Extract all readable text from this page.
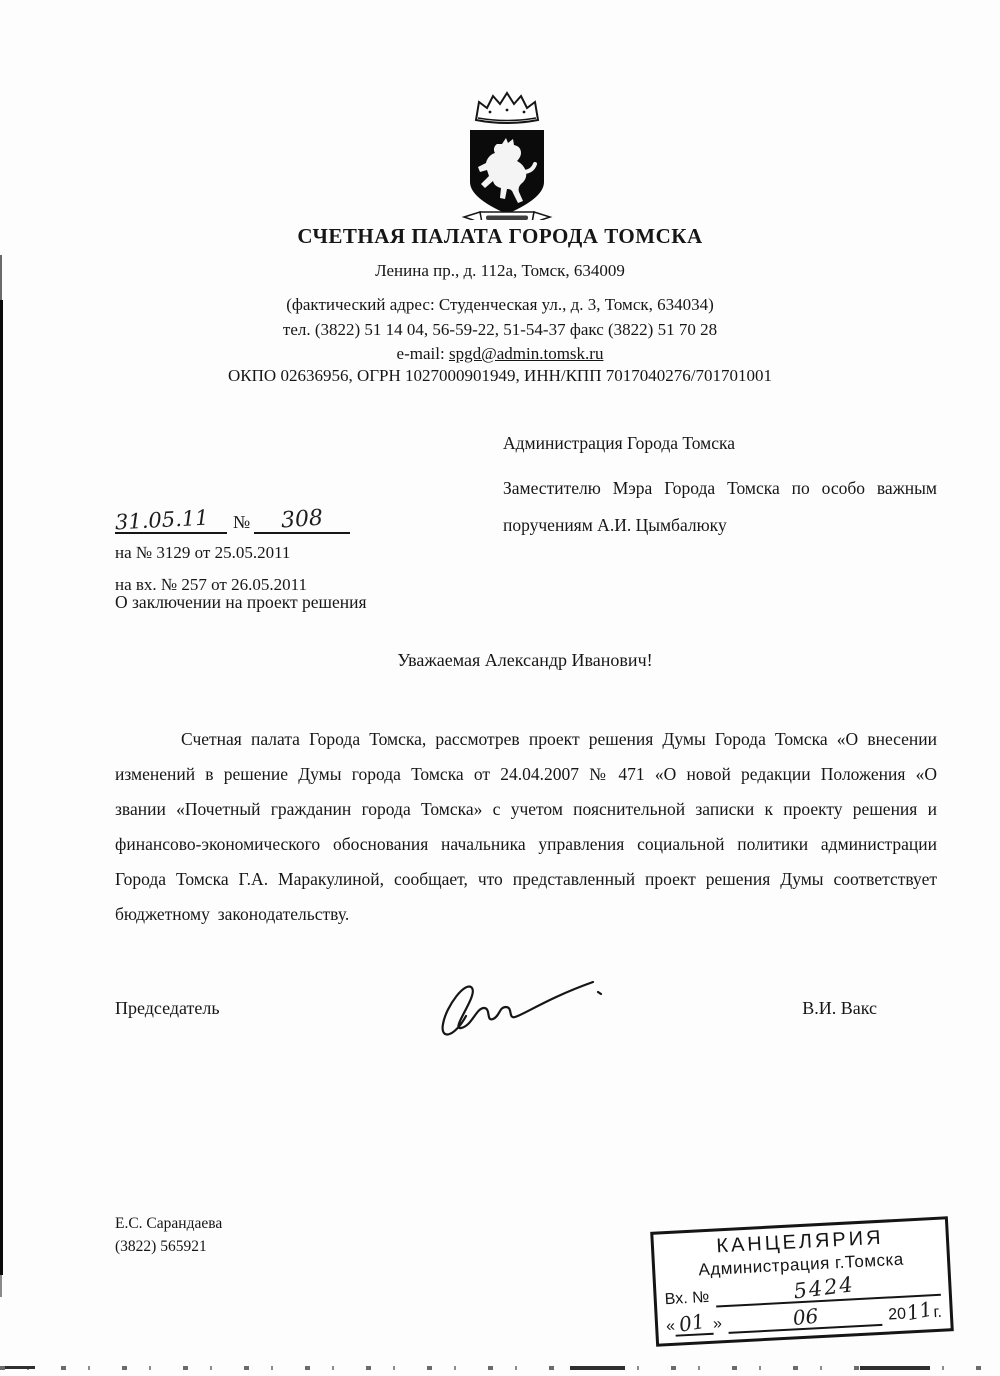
СЧЕТНАЯ ПАЛАТА ГОРОДА ТОМСКА
Ленина пр., д. 112а, Томск, 634009
(фактический адрес: Студенческая ул., д. 3, Томск, 634034)
тел. (3822) 51 14 04, 56-59-22, 51-54-37 факс (3822) 51 70 28
e-mail: spgd@admin.tomsk.ru
ОКПО 02636956, ОГРН 1027000901949, ИНН/КПП 7017040276/701701001
Администрация Города Томска
Заместителю Мэра Города Томска по особо важным поручениям А.И. Цымбалюку
31.05.11	№	308
на № 3129 от 25.05.2011
на вх. № 257 от 26.05.2011
О заключении на проект решения
Уважаемая Александр Иванович!
Счетная палата Города Томска, рассмотрев проект решения Думы Города Томска «О внесении изменений в решение Думы города Томска от 24.04.2007 № 471 «О новой редакции Положения «О звании «Почетный гражданин города Томска» с учетом пояснительной записки к проекту решения и финансово-экономического обоснования начальника управления социальной политики администрации Города Томска Г.А. Маракулиной, сообщает, что представленный проект решения Думы соответствует бюджетному законодательству.
Председатель	В.И. Вакс
Е.С. Сарандаева
(3822) 565921	КАНЦЕЛЯРИЯ
Администрация г.Томска
Вх. №	5424
« 01 »	06	2011г.
